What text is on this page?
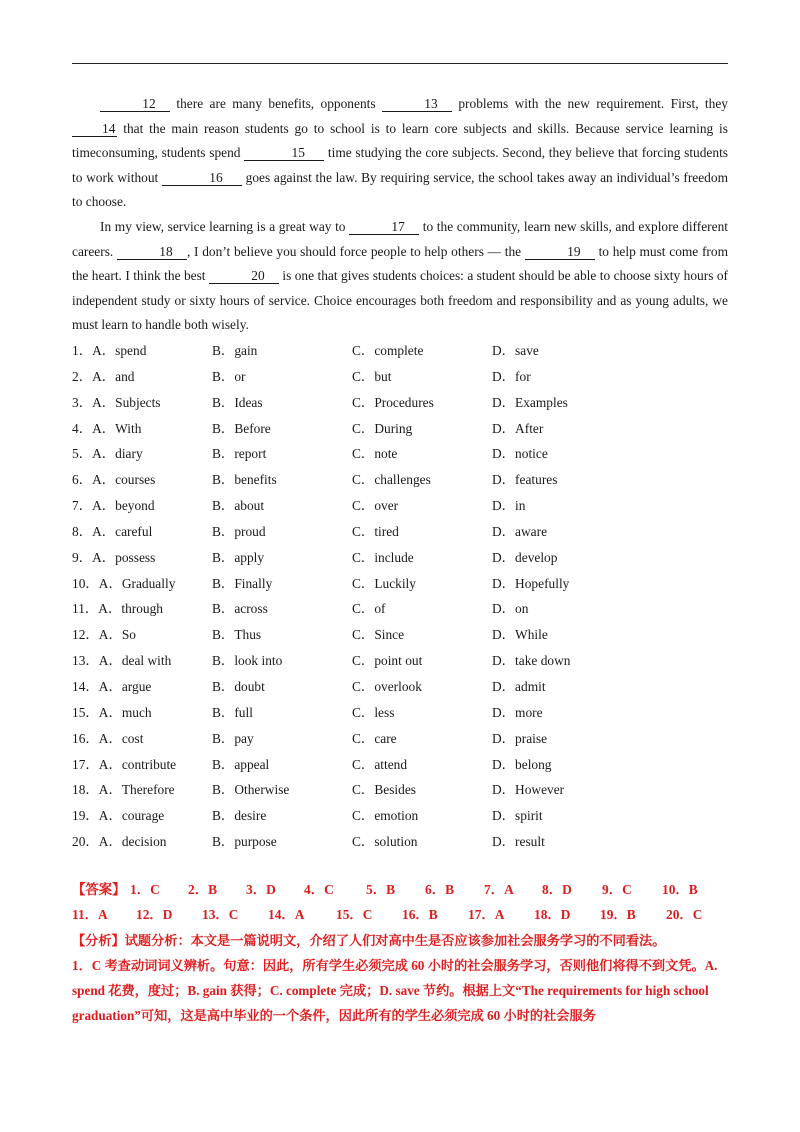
12 there are many benefits, opponents	13 problems with the new requirement. First, they 14 that the main reason students go to school is to learn core subjects and skills. Because service learning is timeconsuming, students spend	15 time studying the core subjects. Second, they believe that forcing students to work without	16 goes against the law. By requiring service, the school takes away an individual’s freedom to choose.

In my view, service learning is a great way to	17 to the community, learn new skills, and explore different careers.	18 , I don’t believe you should force people to help others — the	19 to help must come from the heart. I think the best	20 is one that gives students choices: a student should be able to choose sixty hours of independent study or sixty hours of service. Choice encourages both freedom and responsibility and as young adults, we must learn to handle both wisely.

1．A．spend	B．gain	C．complete	D．save
2．A．and	B．or	C．but	D．for
3．A．Subjects	B．Ideas	C．Procedures	D．Examples
4．A．With	B．Before	C．During	D．After
5．A．diary	B．report	C．note	D．notice
6．A．courses	B．benefits	C．challenges	D．features
7．A．beyond	B．about	C．over	D．in
8．A．careful	B．proud	C．tired	D．aware
9．A．possess	B．apply	C．include	D．develop
10．A．Gradually	B．Finally	C．Luckily	D．Hopefully
11．A．through	B．across	C．of	D．on
12．A．So	B．Thus	C．Since	D．While
13．A．deal with	B．look into	C．point out	D．take down
14．A．argue	B．doubt	C．overlook	D．admit
15．A．much	B．full	C．less	D．more
16．A．cost	B．pay	C．care	D．praise
17．A．contribute	B．appeal	C．attend	D．belong
18．A．Therefore	B．Otherwise	C．Besides	D．However
19．A．courage	B．desire	C．emotion	D．spirit
20．A．decision	B．purpose	C．solution	D．result
【答案】 1．C 2．B 3．D 4．C 5．B 6．B 7．A 8．D 9．C 10．B
11．A 12．D 13．C 14．A 15．C 16．B 17．A 18．D 19．B 20．C

【分析】试题分析：本文是一篇说明文，介绍了人们对高中生是否应该参加社会服务学习的不同看法。

1．C 考查动词词义辨析。句意：因此，所有学生必须完成 60 小时的社会服务学习，否则他们将得不到文凭。A. spend 花费，度过；B. gain 获得；C. complete 完成；D. save 节约。根据上文“The requirements for high school graduation”可知，这是高中毕业的一个条件，因此所有的学生必须完成 60 小时的社会服务
